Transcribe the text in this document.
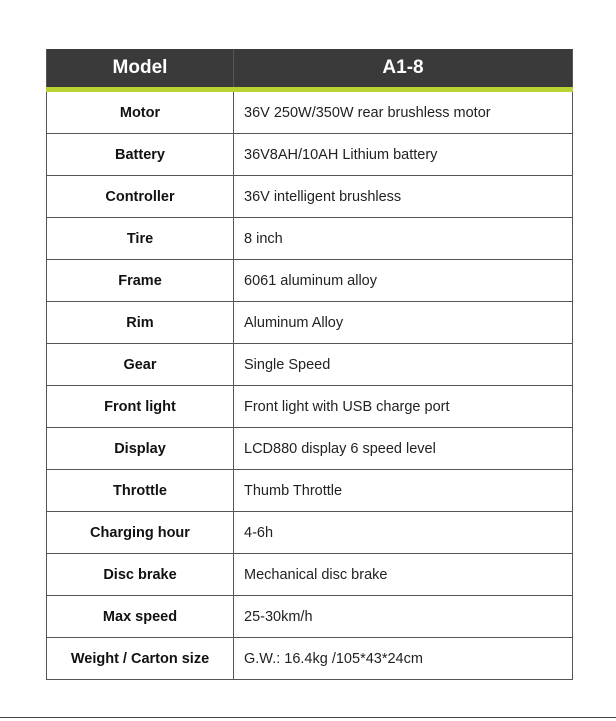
Model	A1-8
Motor	36V 250W/350W rear brushless motor
Battery	36V8AH/10AH Lithium battery
Controller	36V intelligent brushless
Tire	8 inch
Frame	6061 aluminum alloy
Rim	Aluminum Alloy
Gear	Single Speed
Front light	Front light with USB charge port
Display	LCD880 display 6 speed level
Throttle	Thumb Throttle
Charging hour	4-6h
Disc brake	Mechanical disc brake
Max speed	25-30km/h
Weight / Carton size	G.W.: 16.4kg /105*43*24cm
